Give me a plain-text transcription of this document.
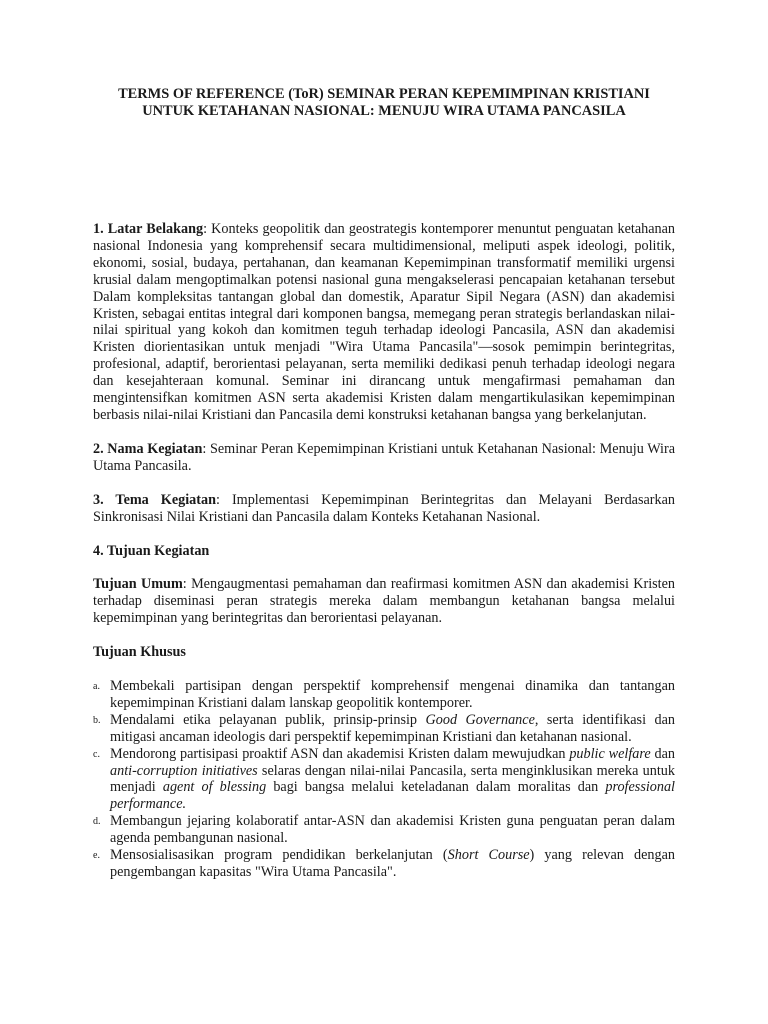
TERMS OF REFERENCE (ToR) SEMINAR PERAN KEPEMIMPINAN KRISTIANI
UNTUK KETAHANAN NASIONAL: MENUJU WIRA UTAMA PANCASILA

1. Latar Belakang: Konteks geopolitik dan geostrategis kontemporer menuntut penguatan ketahanan nasional Indonesia yang komprehensif secara multidimensional, meliputi aspek ideologi, politik, ekonomi, sosial, budaya, pertahanan, dan keamanan Kepemimpinan transformatif memiliki urgensi krusial dalam mengoptimalkan potensi nasional guna mengakselerasi pencapaian ketahanan tersebut Dalam kompleksitas tantangan global dan domestik, Aparatur Sipil Negara (ASN) dan akademisi Kristen, sebagai entitas integral dari komponen bangsa, memegang peran strategis berlandaskan nilai-nilai spiritual yang kokoh dan komitmen teguh terhadap ideologi Pancasila, ASN dan akademisi Kristen diorientasikan untuk menjadi "Wira Utama Pancasila"—sosok pemimpin berintegritas, profesional, adaptif, berorientasi pelayanan, serta memiliki dedikasi penuh terhadap ideologi negara dan kesejahteraan komunal. Seminar ini dirancang untuk mengafirmasi pemahaman dan mengintensifkan komitmen ASN serta akademisi Kristen dalam mengartikulasikan kepemimpinan berbasis nilai-nilai Kristiani dan Pancasila demi konstruksi ketahanan bangsa yang berkelanjutan.

2. Nama Kegiatan: Seminar Peran Kepemimpinan Kristiani untuk Ketahanan Nasional: Menuju Wira Utama Pancasila.

3. Tema Kegiatan: Implementasi Kepemimpinan Berintegritas dan Melayani Berdasarkan Sinkronisasi Nilai Kristiani dan Pancasila dalam Konteks Ketahanan Nasional.

4. Tujuan Kegiatan

Tujuan Umum: Mengaugmentasi pemahaman dan reafirmasi komitmen ASN dan akademisi Kristen terhadap diseminasi peran strategis mereka dalam membangun ketahanan bangsa melalui kepemimpinan yang berintegritas dan berorientasi pelayanan.

Tujuan Khusus
a. Membekali partisipan dengan perspektif komprehensif mengenai dinamika dan tantangan kepemimpinan Kristiani dalam lanskap geopolitik kontemporer.
b. Mendalami etika pelayanan publik, prinsip-prinsip Good Governance, serta identifikasi dan mitigasi ancaman ideologis dari perspektif kepemimpinan Kristiani dan ketahanan nasional.
c. Mendorong partisipasi proaktif ASN dan akademisi Kristen dalam mewujudkan public welfare dan anti-corruption initiatives selaras dengan nilai-nilai Pancasila, serta menginklusikan mereka untuk menjadi agent of blessing bagi bangsa melalui keteladanan dalam moralitas dan professional performance.
d. Membangun jejaring kolaboratif antar-ASN dan akademisi Kristen guna penguatan peran dalam agenda pembangunan nasional.
e. Mensosialisasikan program pendidikan berkelanjutan (Short Course) yang relevan dengan pengembangan kapasitas "Wira Utama Pancasila".
